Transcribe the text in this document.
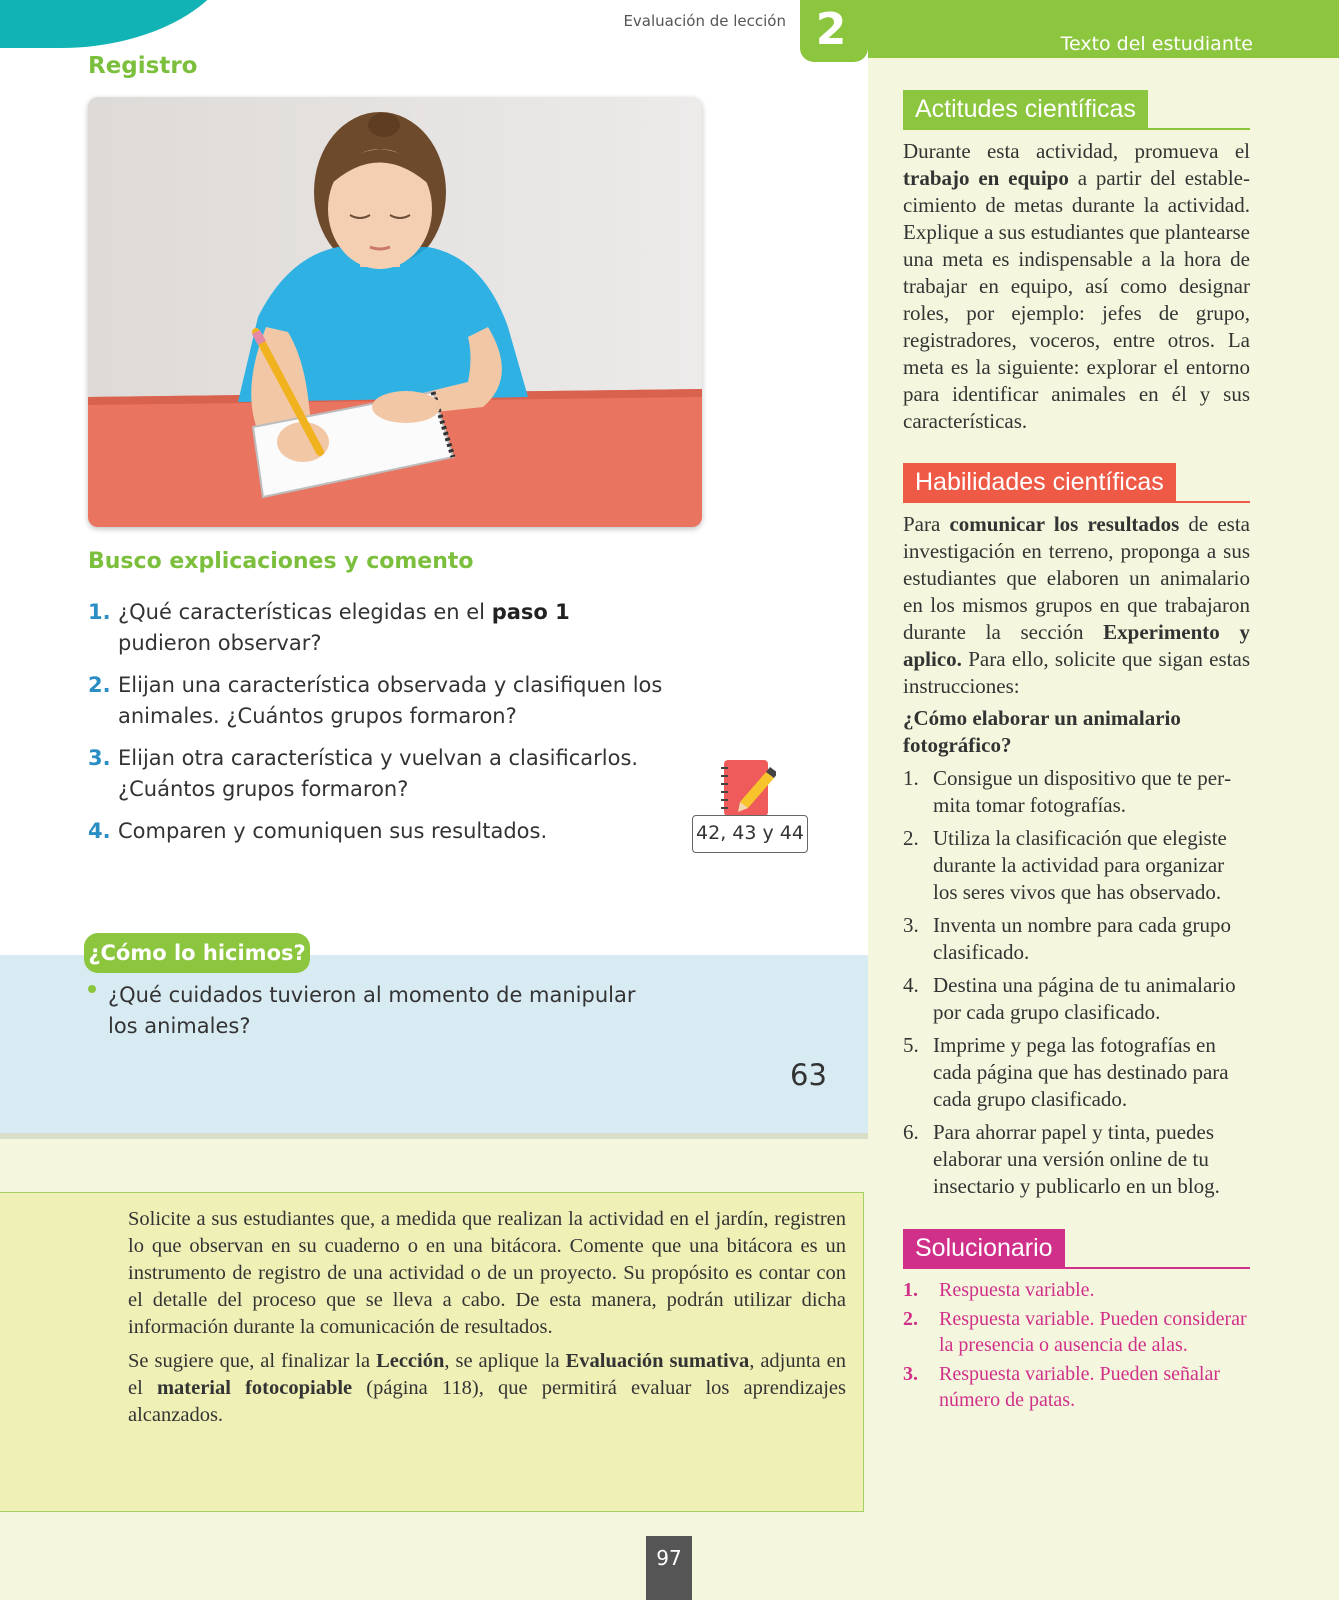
Evaluación de lección 2
Registro
Busco explicaciones y comento
1. ¿Qué características elegidas en el paso 1
pudieron observar?
2. Elijan una característica observada y clasifiquen los animales. ¿Cuántos grupos formaron?
3. Elijan otra característica y vuelvan a clasificarlos. ¿Cuántos grupos formaron?
4. Comparen y comuniquen sus resultados.	42, 43 y 44
¿Cómo lo hicimos?
¿Qué cuidados tuvieron al momento de manipular los animales?
63
Texto del estudiante
Actitudes científicas
Durante esta actividad, promueva el trabajo en equipo a partir del establecimiento de metas durante la actividad. Explique a sus estudiantes que plantearse una meta es indispensable a la hora de trabajar en equipo, así como designar roles, por ejemplo: jefes de grupo, registradores, voceros, entre otros. La meta es la siguiente: explorar el entorno para identificar animales en él y sus características.
Habilidades científicas
Para comunicar los resultados de esta investigación en terreno, proponga a sus estudiantes que elaboren un animalario en los mismos grupos en que trabajaron durante la sección Experimento y aplico. Para ello, solicite que sigan estas instrucciones:
¿Cómo elaborar un animalario fotográfico?
1. Consigue un dispositivo que te permita tomar fotografías.
2. Utiliza la clasificación que elegiste durante la actividad para organizar los seres vivos que has observado.
3. Inventa un nombre para cada grupo clasificado.
4. Destina una página de tu animalario por cada grupo clasificado.
5. Imprime y pega las fotografías en cada página que has destinado para cada grupo clasificado.
6. Para ahorrar papel y tinta, puedes elaborar una versión online de tu insectario y publicarlo en un blog.
Solucionario
1.	Respuesta variable.
2.	Respuesta variable. Pueden considerar la presencia o ausencia de alas.
3.	Respuesta variable. Pueden señalar número de patas.
Solicite a sus estudiantes que, a medida que realizan la actividad en el jardín, registren lo que observan en su cuaderno o en una bitácora. Comente que una bitácora es un instrumento de registro de una actividad o de un proyecto. Su propósito es contar con el detalle del proceso que se lleva a cabo. De esta manera, podrán utilizar dicha información durante la comunicación de resultados.
Se sugiere que, al finalizar la Lección, se aplique la Evaluación sumativa, adjunta en el material fotocopiable (página 118), que permitirá evaluar los aprendizajes alcanzados.
97
